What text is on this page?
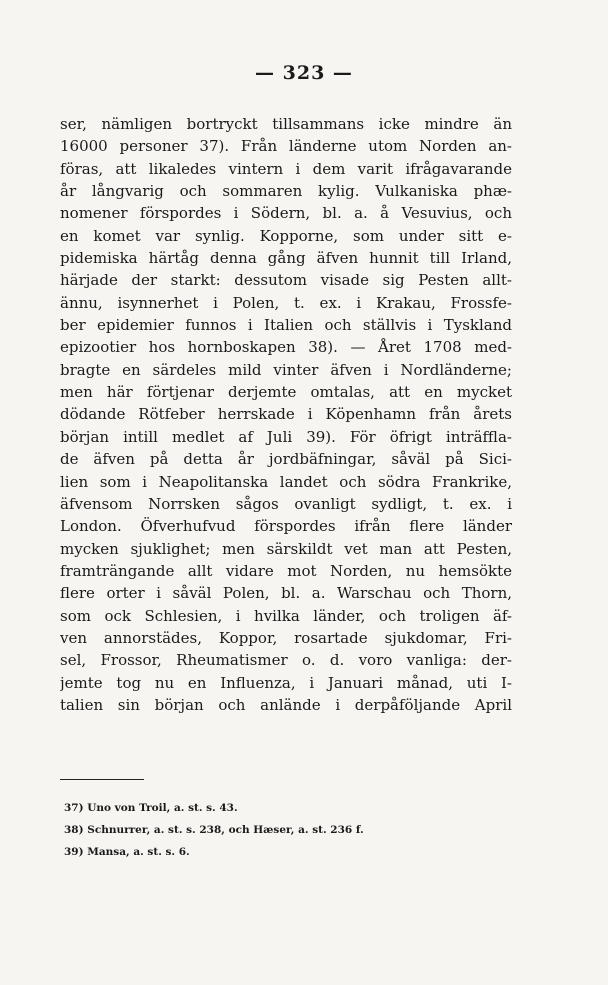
— 323 —
ser, nämligen bortryckt tillsammans icke mindre än
16000 personer 37). Från länderne utom Norden an-
föras, att likaledes vintern i dem varit ifrågavarande
år långvarig och sommaren kylig. Vulkaniska phæ-
nomener förspordes i Södern, bl. a. å Vesuvius, och
en komet var synlig. Kopporne, som under sitt e-
pidemiska härtåg denna gång äfven hunnit till Irland,
härjade der starkt: dessutom visade sig Pesten allt-
ännu, isynnerhet i Polen, t. ex. i Krakau, Frossfe-
ber epidemier funnos i Italien och ställvis i Tyskland
epizootier hos hornboskapen 38). — Året 1708 med-
bragte en särdeles mild vinter äfven i Nordländerne;
men här förtjenar derjemte omtalas, att en mycket
dödande Rötfeber herrskade i Köpenhamn från årets
början intill medlet af Juli 39). För öfrigt inträffla-
de äfven på detta år jordbäfningar, såväl på Sici-
lien som i Neapolitanska landet och södra Frankrike,
äfvensom Norrsken sågos ovanligt sydligt, t. ex. i
London. Öfverhufvud förspordes ifrån flere länder
mycken sjuklighet; men särskildt vet man att Pesten,
framträngande allt vidare mot Norden, nu hemsökte
flere orter i såväl Polen, bl. a. Warschau och Thorn,
som ock Schlesien, i hvilka länder, och troligen äf-
ven annorstädes, Koppor, rosartade sjukdomar, Fri-
sel, Frossor, Rheumatismer o. d. voro vanliga: der-
jemte tog nu en Influenza, i Januari månad, uti I-
talien sin början och anlände i derpåföljande April
37) Uno von Troil, a. st. s. 43.
38) Schnurrer, a. st. s. 238, och Hæser, a. st. 236 f.
39) Mansa, a. st. s. 6.
